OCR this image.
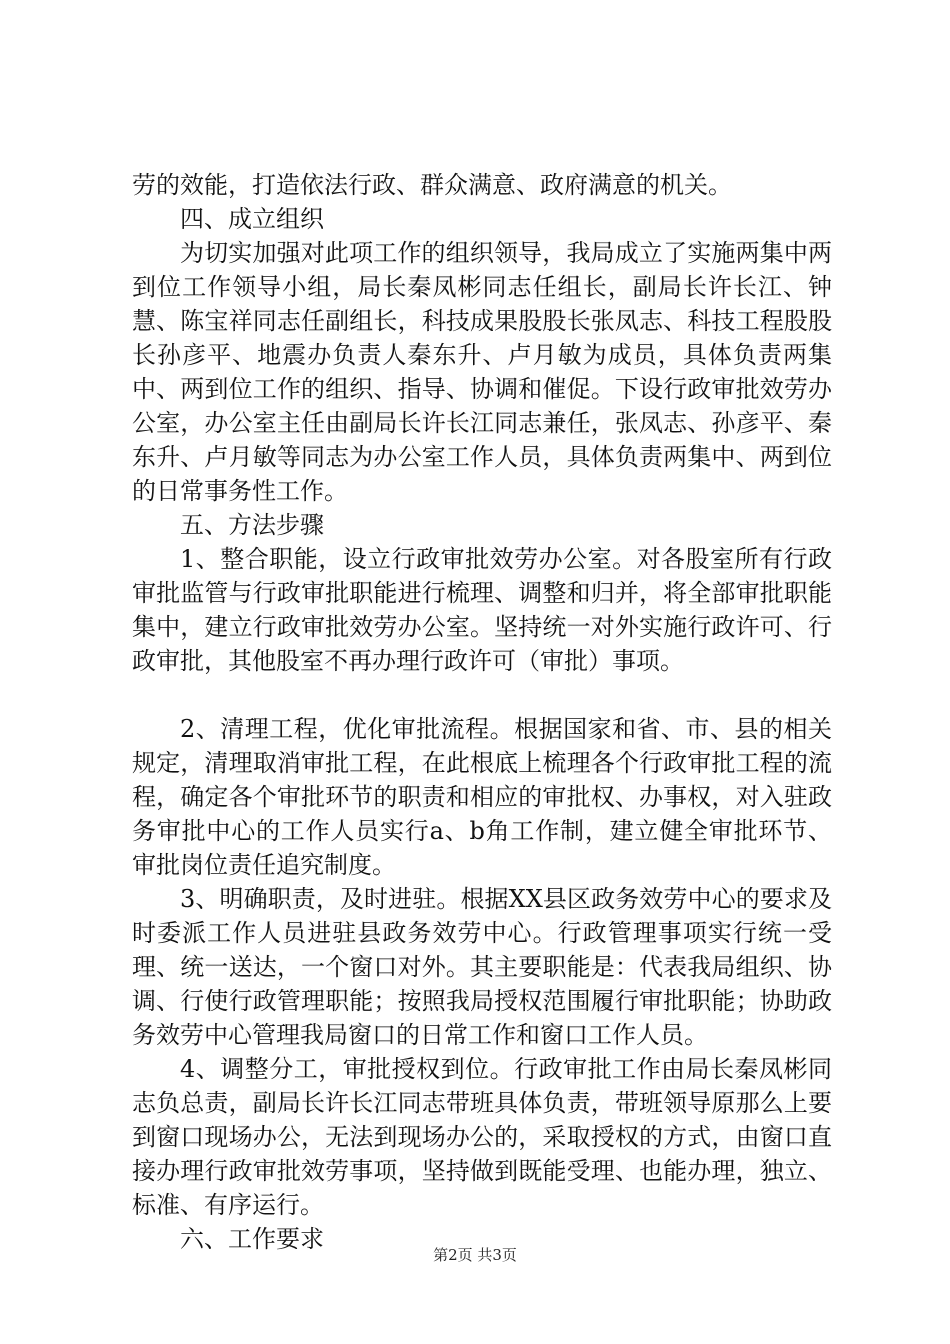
劳的效能，打造依法行政、群众满意、政府满意的机关。

四、成立组织

为切实加强对此项工作的组织领导，我局成立了实施两集中两到位工作领导小组，局长秦凤彬同志任组长，副局长许长江、钟慧、陈宝祥同志任副组长，科技成果股股长张凤志、科技工程股股长孙彦平、地震办负责人秦东升、卢月敏为成员，具体负责两集中、两到位工作的组织、指导、协调和催促。下设行政审批效劳办公室，办公室主任由副局长许长江同志兼任，张凤志、孙彦平、秦东升、卢月敏等同志为办公室工作人员，具体负责两集中、两到位的日常事务性工作。

五、方法步骤

1、整合职能，设立行政审批效劳办公室。对各股室所有行政审批监管与行政审批职能进行梳理、调整和归并，将全部审批职能集中，建立行政审批效劳办公室。坚持统一对外实施行政许可、行政审批，其他股室不再办理行政许可（审批）事项。

2、清理工程，优化审批流程。根据国家和省、市、县的相关规定，清理取消审批工程，在此根底上梳理各个行政审批工程的流程，确定各个审批环节的职责和相应的审批权、办事权，对入驻政务审批中心的工作人员实行a、b角工作制，建立健全审批环节、审批岗位责任追究制度。

3、明确职责，及时进驻。根据XX县区政务效劳中心的要求及时委派工作人员进驻县政务效劳中心。行政管理事项实行统一受理、统一送达，一个窗口对外。其主要职能是：代表我局组织、协调、行使行政管理职能；按照我局授权范围履行审批职能；协助政务效劳中心管理我局窗口的日常工作和窗口工作人员。

4、调整分工，审批授权到位。行政审批工作由局长秦凤彬同志负总责，副局长许长江同志带班具体负责，带班领导原那么上要到窗口现场办公，无法到现场办公的，采取授权的方式，由窗口直接办理行政审批效劳事项，坚持做到既能受理、也能办理，独立、标准、有序运行。

六、工作要求

第2页 共3页
